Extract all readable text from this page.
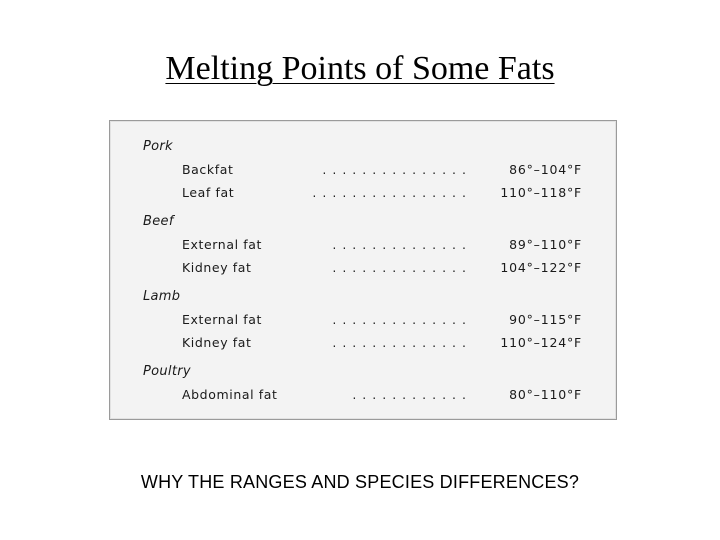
Melting Points of Some Fats
Pork
Backfat	...............	86°–104°F
Leaf fat	................ 110°–118°F
Beef
External fat	..............	89°–110°F
Kidney fat	.............. 104°–122°F
Lamb
External fat	..............	90°–115°F
Kidney fat	.............. 110°–124°F
Poultry
Abdominal fat	............	80°–110°F
WHY THE RANGES AND SPECIES DIFFERENCES?
